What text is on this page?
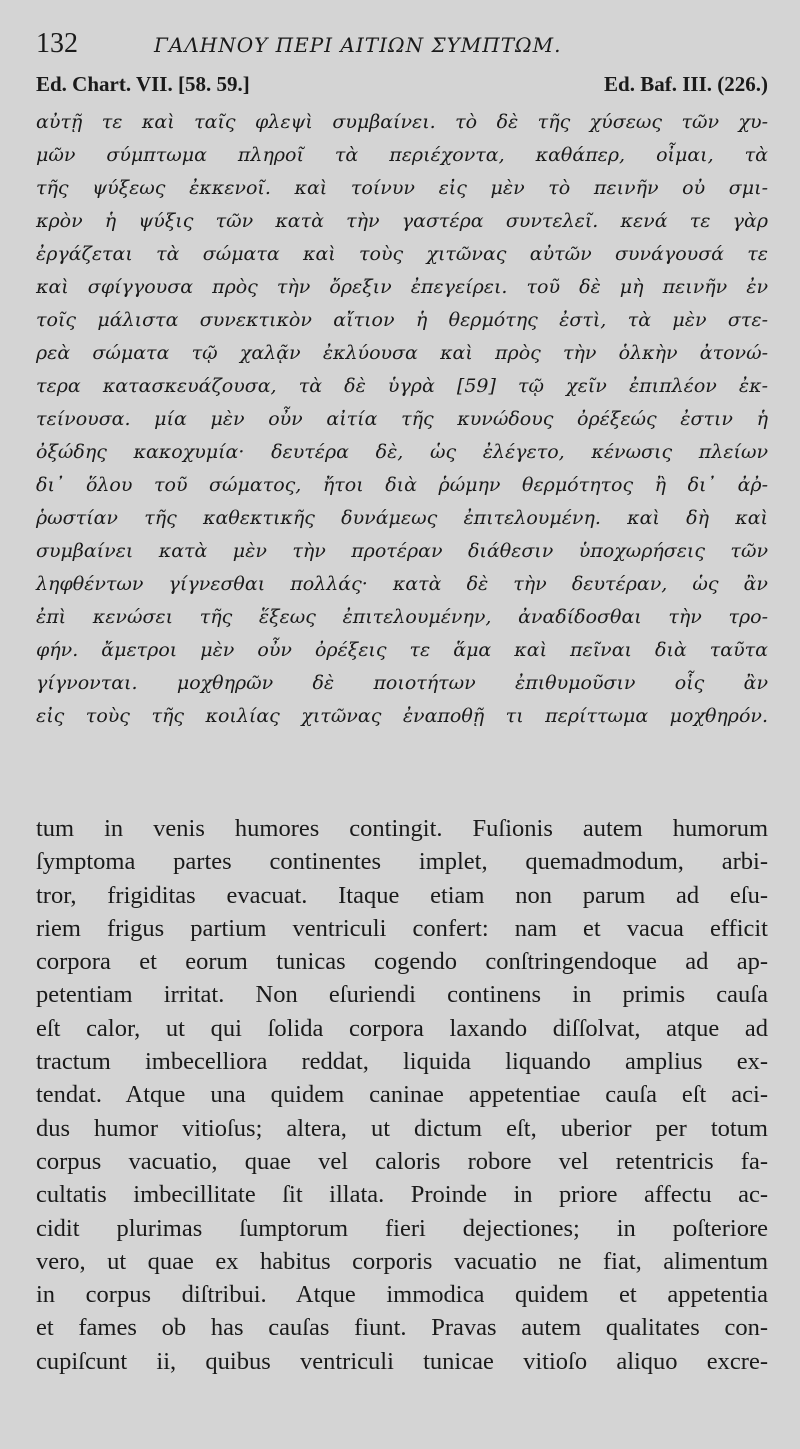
132	ΓΑΛΗΝΟΥ ΠΕΡΙ ΑΙΤΙΩΝ ΣΥΜΠΤΩΜ.
Ed. Chart. VII. [58. 59.]	Ed. Baf. III. (226.)
αὐτῇ τε καὶ ταῖς φλεψὶ συμβαίνει. τὸ δὲ τῆς χύσεως τῶν χυ-
μῶν σύμπτωμα πληροῖ τὰ περιέχοντα, καθάπερ, οἶμαι, τὰ
τῆς ψύξεως ἐκκενοῖ. καὶ τοίνυν εἰς μὲν τὸ πεινῆν οὐ σμι-
κρὸν ἡ ψύξις τῶν κατὰ τὴν γαστέρα συντελεῖ. κενά τε γὰρ
ἐργάζεται τὰ σώματα καὶ τοὺς χιτῶνας αὐτῶν συνάγουσά τε
καὶ σφίγγουσα πρὸς τὴν ὄρεξιν ἐπεγείρει. τοῦ δὲ μὴ πεινῆν ἐν
τοῖς μάλιστα συνεκτικὸν αἴτιον ἡ θερμότης ἐστὶ, τὰ μὲν στε-
ρεὰ σώματα τῷ χαλᾷν ἐκλύουσα καὶ πρὸς τὴν ὁλκὴν ἀτονώ-
τερα κατασκευάζουσα, τὰ δὲ ὑγρὰ [59] τῷ χεῖν ἐπιπλέον ἐκ-
τείνουσα. μία μὲν οὖν αἰτία τῆς κυνώδους ὀρέξεώς ἐστιν ἡ
ὀξώδης κακοχυμία· δευτέρα δὲ, ὡς ἐλέγετο, κένωσις πλείων
δι᾿ ὅλου τοῦ σώματος, ἤτοι διὰ ῥώμην θερμότητος ἢ δι᾿ ἀῤ-
ῥωστίαν τῆς καθεκτικῆς δυνάμεως ἐπιτελουμένη. καὶ δὴ καὶ
συμβαίνει κατὰ μὲν τὴν προτέραν διάθεσιν ὑποχωρήσεις τῶν
ληφθέντων γίγνεσθαι πολλάς· κατὰ δὲ τὴν δευτέραν, ὡς ἂν
ἐπὶ κενώσει τῆς ἕξεως ἐπιτελουμένην, ἀναδίδοσθαι τὴν τρο-
φήν. ἄμετροι μὲν οὖν ὀρέξεις τε ἅμα καὶ πεῖναι διὰ ταῦτα
γίγνονται. μοχθηρῶν δὲ ποιοτήτων ἐπιθυμοῦσιν οἷς ἂν
εἰς τοὺς τῆς κοιλίας χιτῶνας ἐναποθῇ τι περίττωμα μοχθηρόν.
tum in venis humores contingit. Fuſionis autem humorum
ſymptoma partes continentes implet, quemadmodum, arbi-
tror, frigiditas evacuat. Itaque etiam non parum ad eſu-
riem frigus partium ventriculi confert: nam et vacua efficit
corpora et eorum tunicas cogendo conſtringendoque ad ap-
petentiam irritat. Non eſuriendi continens in primis cauſa
eſt calor, ut qui ſolida corpora laxando diſſolvat, atque ad
tractum imbecelliora reddat, liquida liquando amplius ex-
tendat. Atque una quidem caninae appetentiae cauſa eſt aci-
dus humor vitioſus; altera, ut dictum eſt, uberior per totum
corpus vacuatio, quae vel caloris robore vel retentricis fa-
cultatis imbecillitate ſit illata. Proinde in priore affectu ac-
cidit plurimas ſumptorum fieri dejectiones; in poſteriore
vero, ut quae ex habitus corporis vacuatio ne fiat, alimentum
in corpus diſtribui. Atque immodica quidem et appetentia
et fames ob has cauſas fiunt. Pravas autem qualitates con-
cupiſcunt ii, quibus ventriculi tunicae vitioſo aliquo excre-
